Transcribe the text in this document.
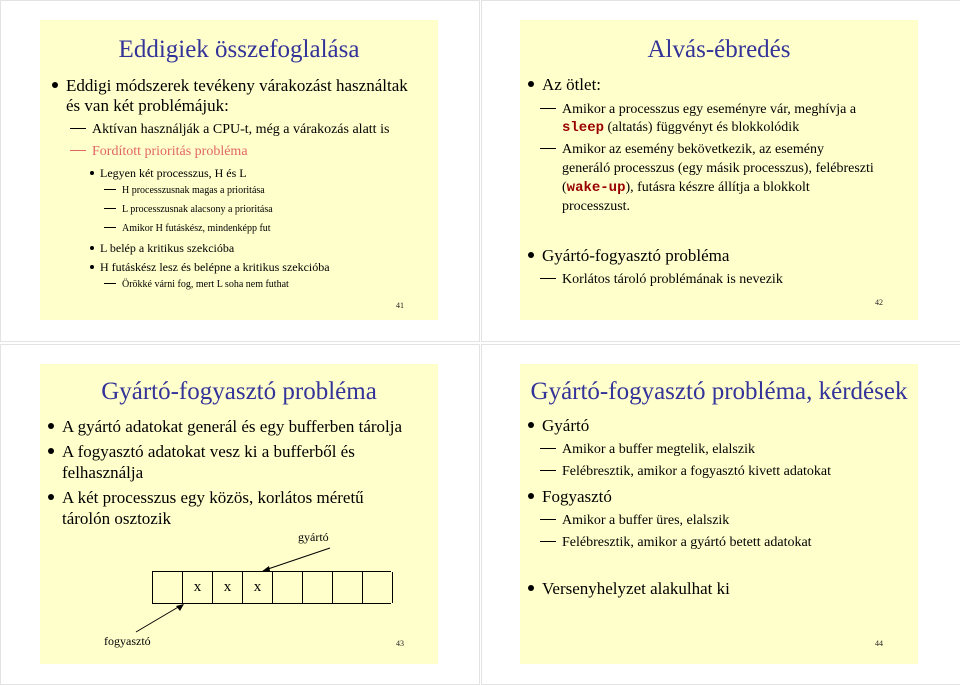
Eddigiek összefoglalása
Eddigi módszerek tevékeny várakozást használtak
és van két problémájuk:
Aktívan használják a CPU-t, még a várakozás alatt is
Fordított prioritás probléma
Legyen két processzus, H és L
H processzusnak magas a prioritása
L processzusnak alacsony a prioritása
Amikor H futáskész, mindenképp fut
L belép a kritikus szekcióba
H futáskész lesz és belépne a kritikus szekcióba
Örökké várni fog, mert L soha nem futhat
41
Alvás-ébredés
Az ötlet:
Amikor a processzus egy eseményre vár, meghívja a
sleep (altatás) függvényt és blokkolódik
Amikor az esemény bekövetkezik, az esemény
generáló processzus (egy másik processzus), felébreszti
(wake-up), futásra készre állítja a blokkolt
processzust.
Gyártó-fogyasztó probléma
Korlátos tároló problémának is nevezik
42
Gyártó-fogyasztó probléma
A gyártó adatokat generál és egy bufferben tárolja
A fogyasztó adatokat vesz ki a bufferből és
felhasználja
A két processzus egy közös, korlátos méretű
tárolón osztozik
gyártó
x	x	x
fogyasztó	43
Gyártó-fogyasztó probléma, kérdések
Gyártó
Amikor a buffer megtelik, elalszik
Felébresztik, amikor a fogyasztó kivett adatokat
Fogyasztó
Amikor a buffer üres, elalszik
Felébresztik, amikor a gyártó betett adatokat
Versenyhelyzet alakulhat ki
44
